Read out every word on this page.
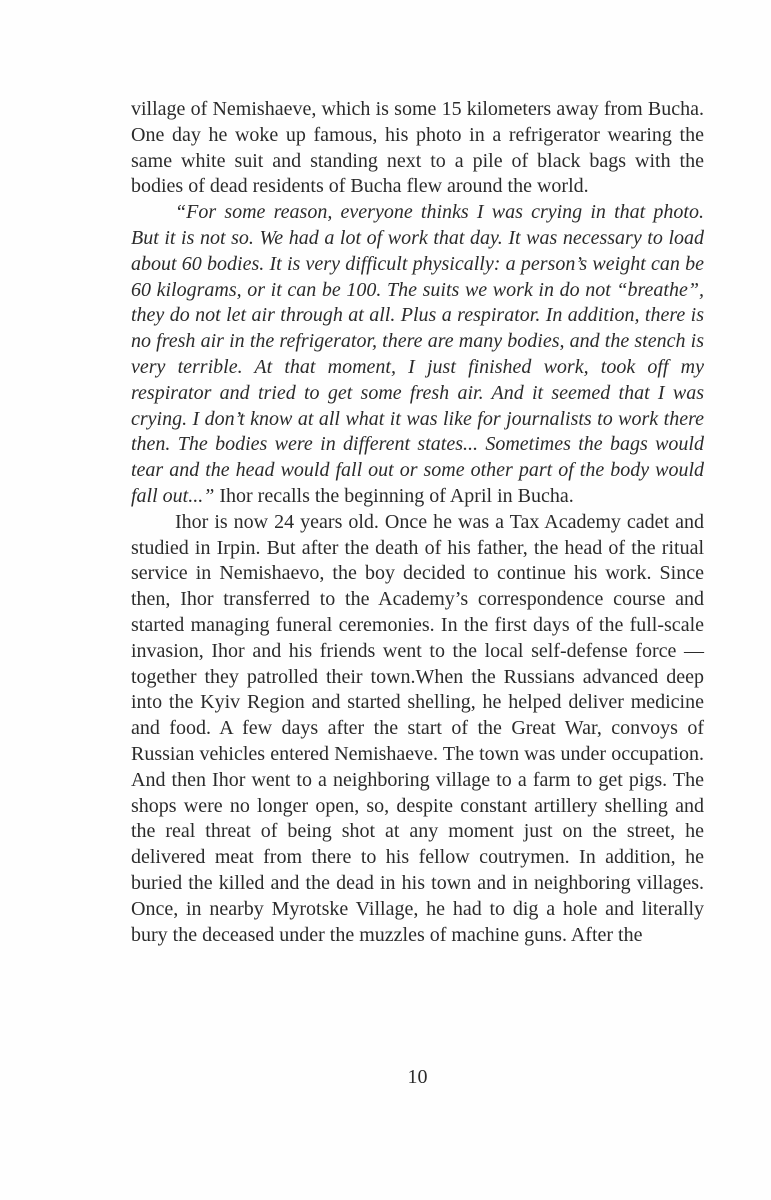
village of Nemishaeve, which is some 15 kilometers away from Bucha. One day he woke up famous, his photo in a refrigerator wearing the same white suit and standing next to a pile of black bags with the bodies of dead residents of Bucha flew around the world.

“For some reason, everyone thinks I was crying in that photo. But it is not so. We had a lot of work that day. It was necessary to load about 60 bodies. It is very difficult physically: a person’s weight can be 60 kilograms, or it can be 100. The suits we work in do not “breathe”, they do not let air through at all. Plus a respirator. In addition, there is no fresh air in the refrigerator, there are many bodies, and the stench is very terrible. At that moment, I just finished work, took off my respirator and tried to get some fresh air. And it seemed that I was crying. I don’t know at all what it was like for journalists to work there then. The bodies were in different states... Sometimes the bags would tear and the head would fall out or some other part of the body would fall out...” Ihor recalls the beginning of April in Bucha.

Ihor is now 24 years old. Once he was a Tax Academy cadet and studied in Irpin. But after the death of his father, the head of the ritual service in Nemishaevo, the boy decided to continue his work. Since then, Ihor transferred to the Academy’s correspondence course and started managing funeral ceremonies. In the first days of the full-scale invasion, Ihor and his friends went to the local self-defense force —together they patrolled their town.When the Russians advanced deep into the Kyiv Region and started shelling, he helped deliver medicine and food. A few days after the start of the Great War, convoys of Russian vehicles entered Nemishaeve. The town was under occupation. And then Ihor went to a neighboring village to a farm to get pigs. The shops were no longer open, so, despite constant artillery shelling and the real threat of being shot at any moment just on the street, he delivered meat from there to his fellow coutrymen. In addition, he buried the killed and the dead in his town and in neighboring villages. Once, in nearby Myrotske Village, he had to dig a hole and literally bury the deceased under the muzzles of machine guns. After the

10
